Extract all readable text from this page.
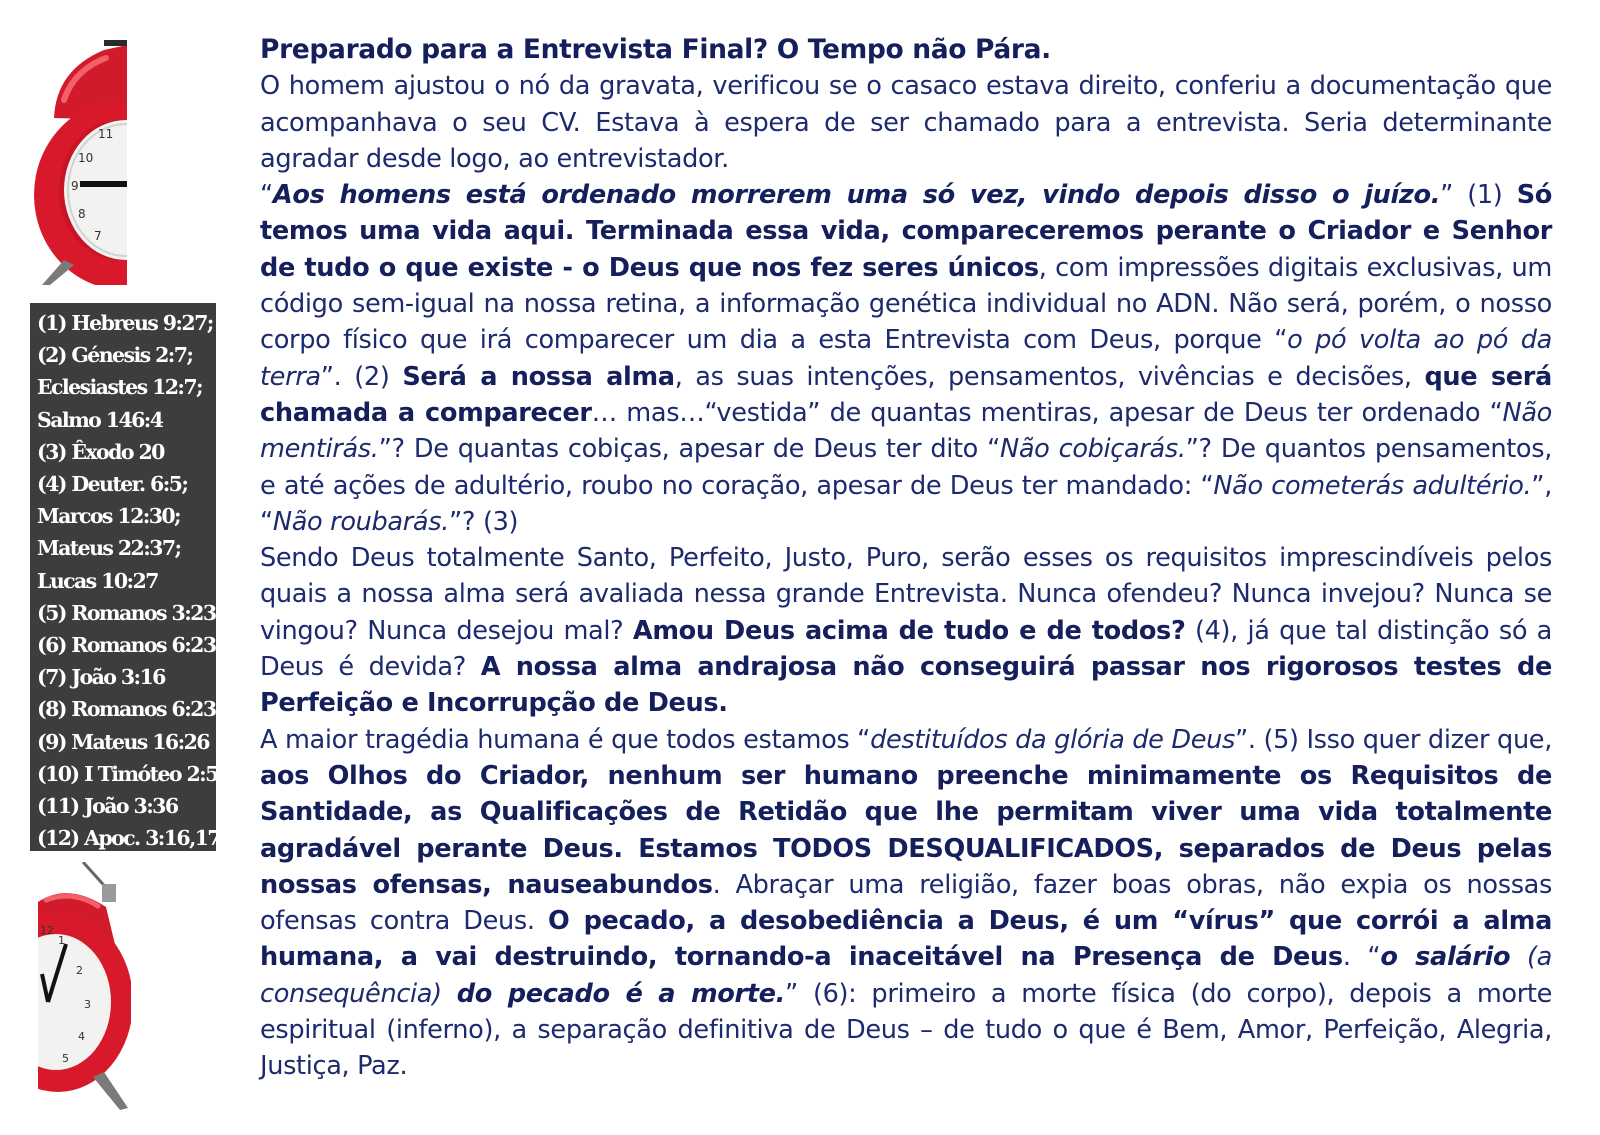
11
10
9
8
7
(1) Hebreus 9:27;
(2) Génesis 2:7;
Eclesiastes 12:7;
Salmo 146:4
(3) Êxodo 20
(4) Deuter. 6:5;
Marcos 12:30;
Mateus 22:37;
Lucas 10:27
(5) Romanos 3:23
(6) Romanos 6:23
(7) João 3:16
(8) Romanos 6:23
(9) Mateus 16:26
(10) I Timóteo 2:5
(11) João 3:36
(12) Apoc. 3:16,17
1
2
3
4
5
12
Preparado para a Entrevista Final? O Tempo não Pára.

O homem ajustou o nó da gravata, verificou se o casaco estava direito, conferiu a documentação que acompanhava o seu CV. Estava à espera de ser chamado para a entrevista. Seria determinante agradar desde logo, ao entrevistador.

“Aos homens está ordenado morrerem uma só vez, vindo depois disso o juízo.” (1) Só temos uma vida aqui. Terminada essa vida, compareceremos perante o Criador e Senhor de tudo o que existe - o Deus que nos fez seres únicos, com impressões digitais exclusivas, um código sem-igual na nossa retina, a informação genética individual no ADN. Não será, porém, o nosso corpo físico que irá comparecer um dia a esta Entrevista com Deus, porque “o pó volta ao pó da terra”. (2) Será a nossa alma, as suas intenções, pensamentos, vivências e decisões, que será chamada a comparecer… mas…“vestida” de quantas mentiras, apesar de Deus ter ordenado “Não mentirás.”? De quantas cobiças, apesar de Deus ter dito “Não cobiçarás.”? De quantos pensamentos, e até ações de adultério, roubo no coração, apesar de Deus ter mandado: “Não cometerás adultério.”, “Não roubarás.”? (3)

Sendo Deus totalmente Santo, Perfeito, Justo, Puro, serão esses os requisitos imprescindíveis pelos quais a nossa alma será avaliada nessa grande Entrevista. Nunca ofendeu? Nunca invejou? Nunca se vingou? Nunca desejou mal? Amou Deus acima de tudo e de todos? (4), já que tal distinção só a Deus é devida? A nossa alma andrajosa não conseguirá passar nos rigorosos testes de Perfeição e Incorrupção de Deus.

A maior tragédia humana é que todos estamos “destituídos da glória de Deus”. (5) Isso quer dizer que, aos Olhos do Criador, nenhum ser humano preenche minimamente os Requisitos de Santidade, as Qualificações de Retidão que lhe permitam viver uma vida totalmente agradável perante Deus. Estamos TODOS DESQUALIFICADOS, separados de Deus pelas nossas ofensas, nauseabundos. Abraçar uma religião, fazer boas obras, não expia os nossas ofensas contra Deus. O pecado, a desobediência a Deus, é um “vírus” que corrói a alma humana, a vai destruindo, tornando-a inaceitável na Presença de Deus. “o salário (a consequência) do pecado é a morte.” (6): primeiro a morte física (do corpo), depois a morte espiritual (inferno), a separação definitiva de Deus – de tudo o que é Bem, Amor, Perfeição, Alegria, Justiça, Paz.
